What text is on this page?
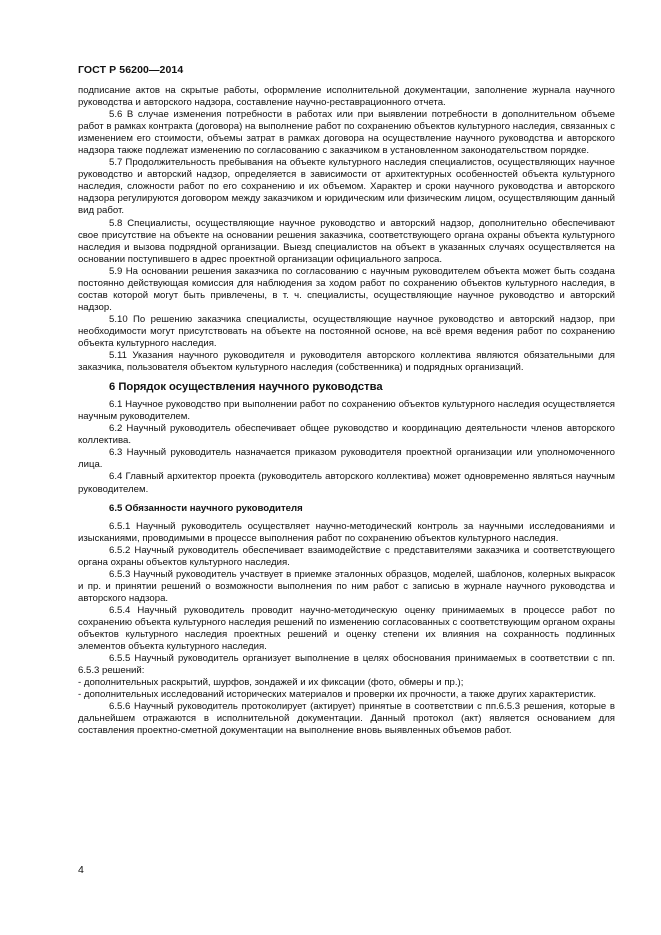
ГОСТ Р 56200—2014

подписание актов на скрытые работы, оформление исполнительной документации, заполнение журнала научного руководства и авторского надзора, составление научно-реставрационного отчета.

5.6 В случае изменения потребности в работах или при выявлении потребности в дополнительном объеме работ в рамках контракта (договора) на выполнение работ по сохранению объектов культурного наследия, связанных с изменением его стоимости, объемы затрат в рамках договора на осуществление научного руководства и авторского надзора также подлежат изменению по согласованию с заказчиком в установленном законодательством порядке.

5.7 Продолжительность пребывания на объекте культурного наследия специалистов, осуществляющих научное руководство и авторский надзор, определяется в зависимости от архитектурных особенностей объекта культурного наследия, сложности работ по его сохранению и их объемом. Характер и сроки научного руководства и авторского надзора регулируются договором между заказчиком и юридическим или физическим лицом, осуществляющим данный вид работ.

5.8 Специалисты, осуществляющие научное руководство и авторский надзор, дополнительно обеспечивают свое присутствие на объекте на основании решения заказчика, соответствующего органа охраны объекта культурного наследия и вызова подрядной организации. Выезд специалистов на объект в указанных случаях осуществляется на основании поступившего в адрес проектной организации официального запроса.

5.9 На основании решения заказчика по согласованию с научным руководителем объекта может быть создана постоянно действующая комиссия для наблюдения за ходом работ по сохранению объектов культурного наследия, в состав которой могут быть привлечены, в т. ч. специалисты, осуществляющие научное руководство и авторский надзор.

5.10 По решению заказчика специалисты, осуществляющие научное руководство и авторский надзор, при необходимости могут присутствовать на объекте на постоянной основе, на всё время ведения работ по сохранению объекта культурного наследия.

5.11 Указания научного руководителя и руководителя авторского коллектива являются обязательными для заказчика, пользователя объектом культурного наследия (собственника) и подрядных организаций.

6 Порядок осуществления научного руководства

6.1 Научное руководство при выполнении работ по сохранению объектов культурного наследия осуществляется научным руководителем.

6.2 Научный руководитель обеспечивает общее руководство и координацию деятельности членов авторского коллектива.

6.3 Научный руководитель назначается приказом руководителя проектной организации или уполномоченного лица.

6.4 Главный архитектор проекта (руководитель авторского коллектива) может одновременно являться научным руководителем.

6.5 Обязанности научного руководителя

6.5.1 Научный руководитель осуществляет научно-методический контроль за научными исследованиями и изысканиями, проводимыми в процессе выполнения работ по сохранению объектов культурного наследия.

6.5.2 Научный руководитель обеспечивает взаимодействие с представителями заказчика и соответствующего органа охраны объектов культурного наследия.

6.5.3 Научный руководитель участвует в приемке эталонных образцов, моделей, шаблонов, колерных выкрасок и пр. и принятии решений о возможности выполнения по ним работ с записью в журнале научного руководства и авторского надзора.

6.5.4 Научный руководитель проводит научно-методическую оценку принимаемых в процессе работ по сохранению объекта культурного наследия решений по изменению согласованных с соответствующим органом охраны объектов культурного наследия проектных решений и оценку степени их влияния на сохранность подлинных элементов объекта культурного наследия.

6.5.5 Научный руководитель организует выполнение в целях обоснования принимаемых в соответствии с пп. 6.5.3 решений:

- дополнительных раскрытий, шурфов, зондажей и их фиксации (фото, обмеры и пр.);

- дополнительных исследований исторических материалов и проверки их прочности, а также других характеристик.

6.5.6 Научный руководитель протоколирует (актирует) принятые в соответствии с пп.6.5.3 решения, которые в дальнейшем отражаются в исполнительной документации. Данный протокол (акт) является основанием для составления проектно-сметной документации на выполнение вновь выявленных объемов работ.

4
